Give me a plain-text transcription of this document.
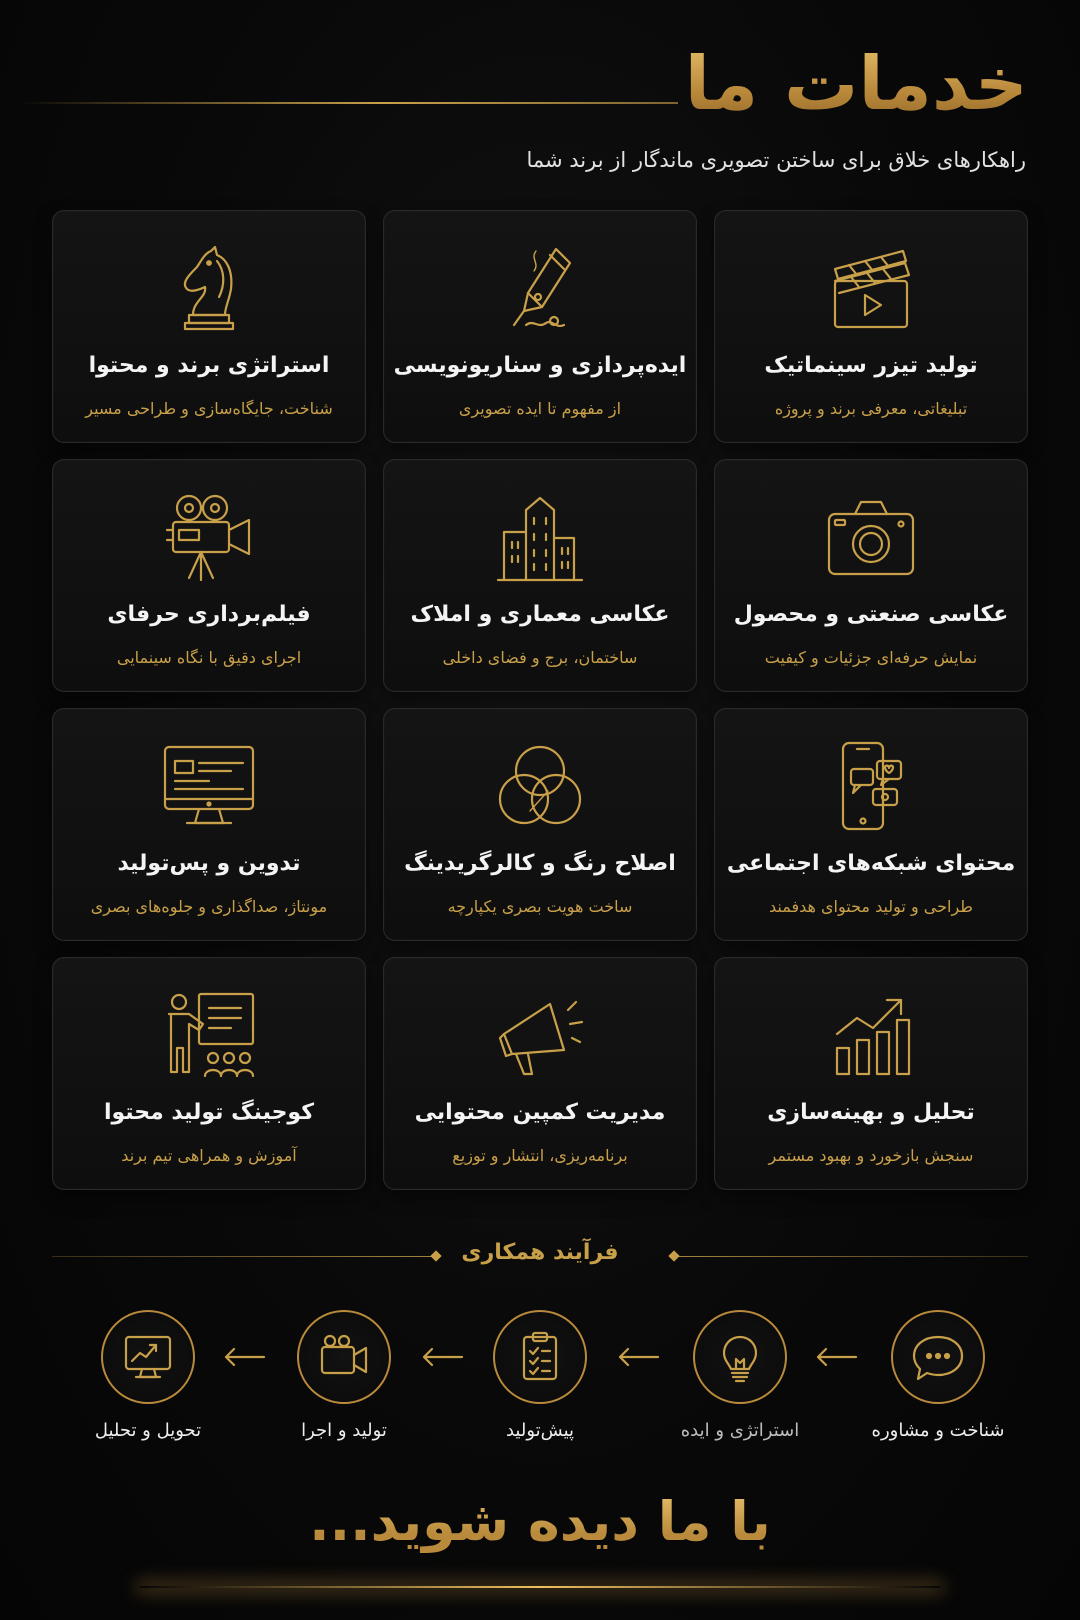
خدمات ما

راهکارهای خلاق برای ساختن تصویری ماندگار از برند شما

تولید تیزر سینماتیک
تبلیغاتی، معرفی برند و پروژه
ایده‌پردازی و سناریونویسی
از مفهوم تا ایده تصویری
استراتژی برند و محتوا
شناخت، جایگاه‌سازی و طراحی مسیر
عکاسی صنعتی و محصول
نمایش حرفه‌ای جزئیات و کیفیت
عکاسی معماری و املاک
ساختمان، برج و فضای داخلی
فیلم‌برداری حرفای
اجرای دقیق با نگاه سینمایی
محتوای شبکه‌های اجتماعی
طراحی و تولید محتوای هدفمند
اصلاح رنگ و کالرگریدینگ
ساخت هویت بصری یکپارچه
تدوین و پس‌تولید
مونتاژ، صداگذاری و جلوه‌های بصری
تحلیل و بهینه‌سازی
سنجش بازخورد و بهبود مستمر
مدیریت کمپین محتوایی
برنامه‌ریزی، انتشار و توزیع
کوجینگ تولید محتوا
آموزش و همراهی تیم برند
فرآیند همکاری
شناخت و مشاوره
استراتژی و ایده
پیش‌تولید
تولید و اجرا
تحویل و تحلیل
با ما دیده شوید...
